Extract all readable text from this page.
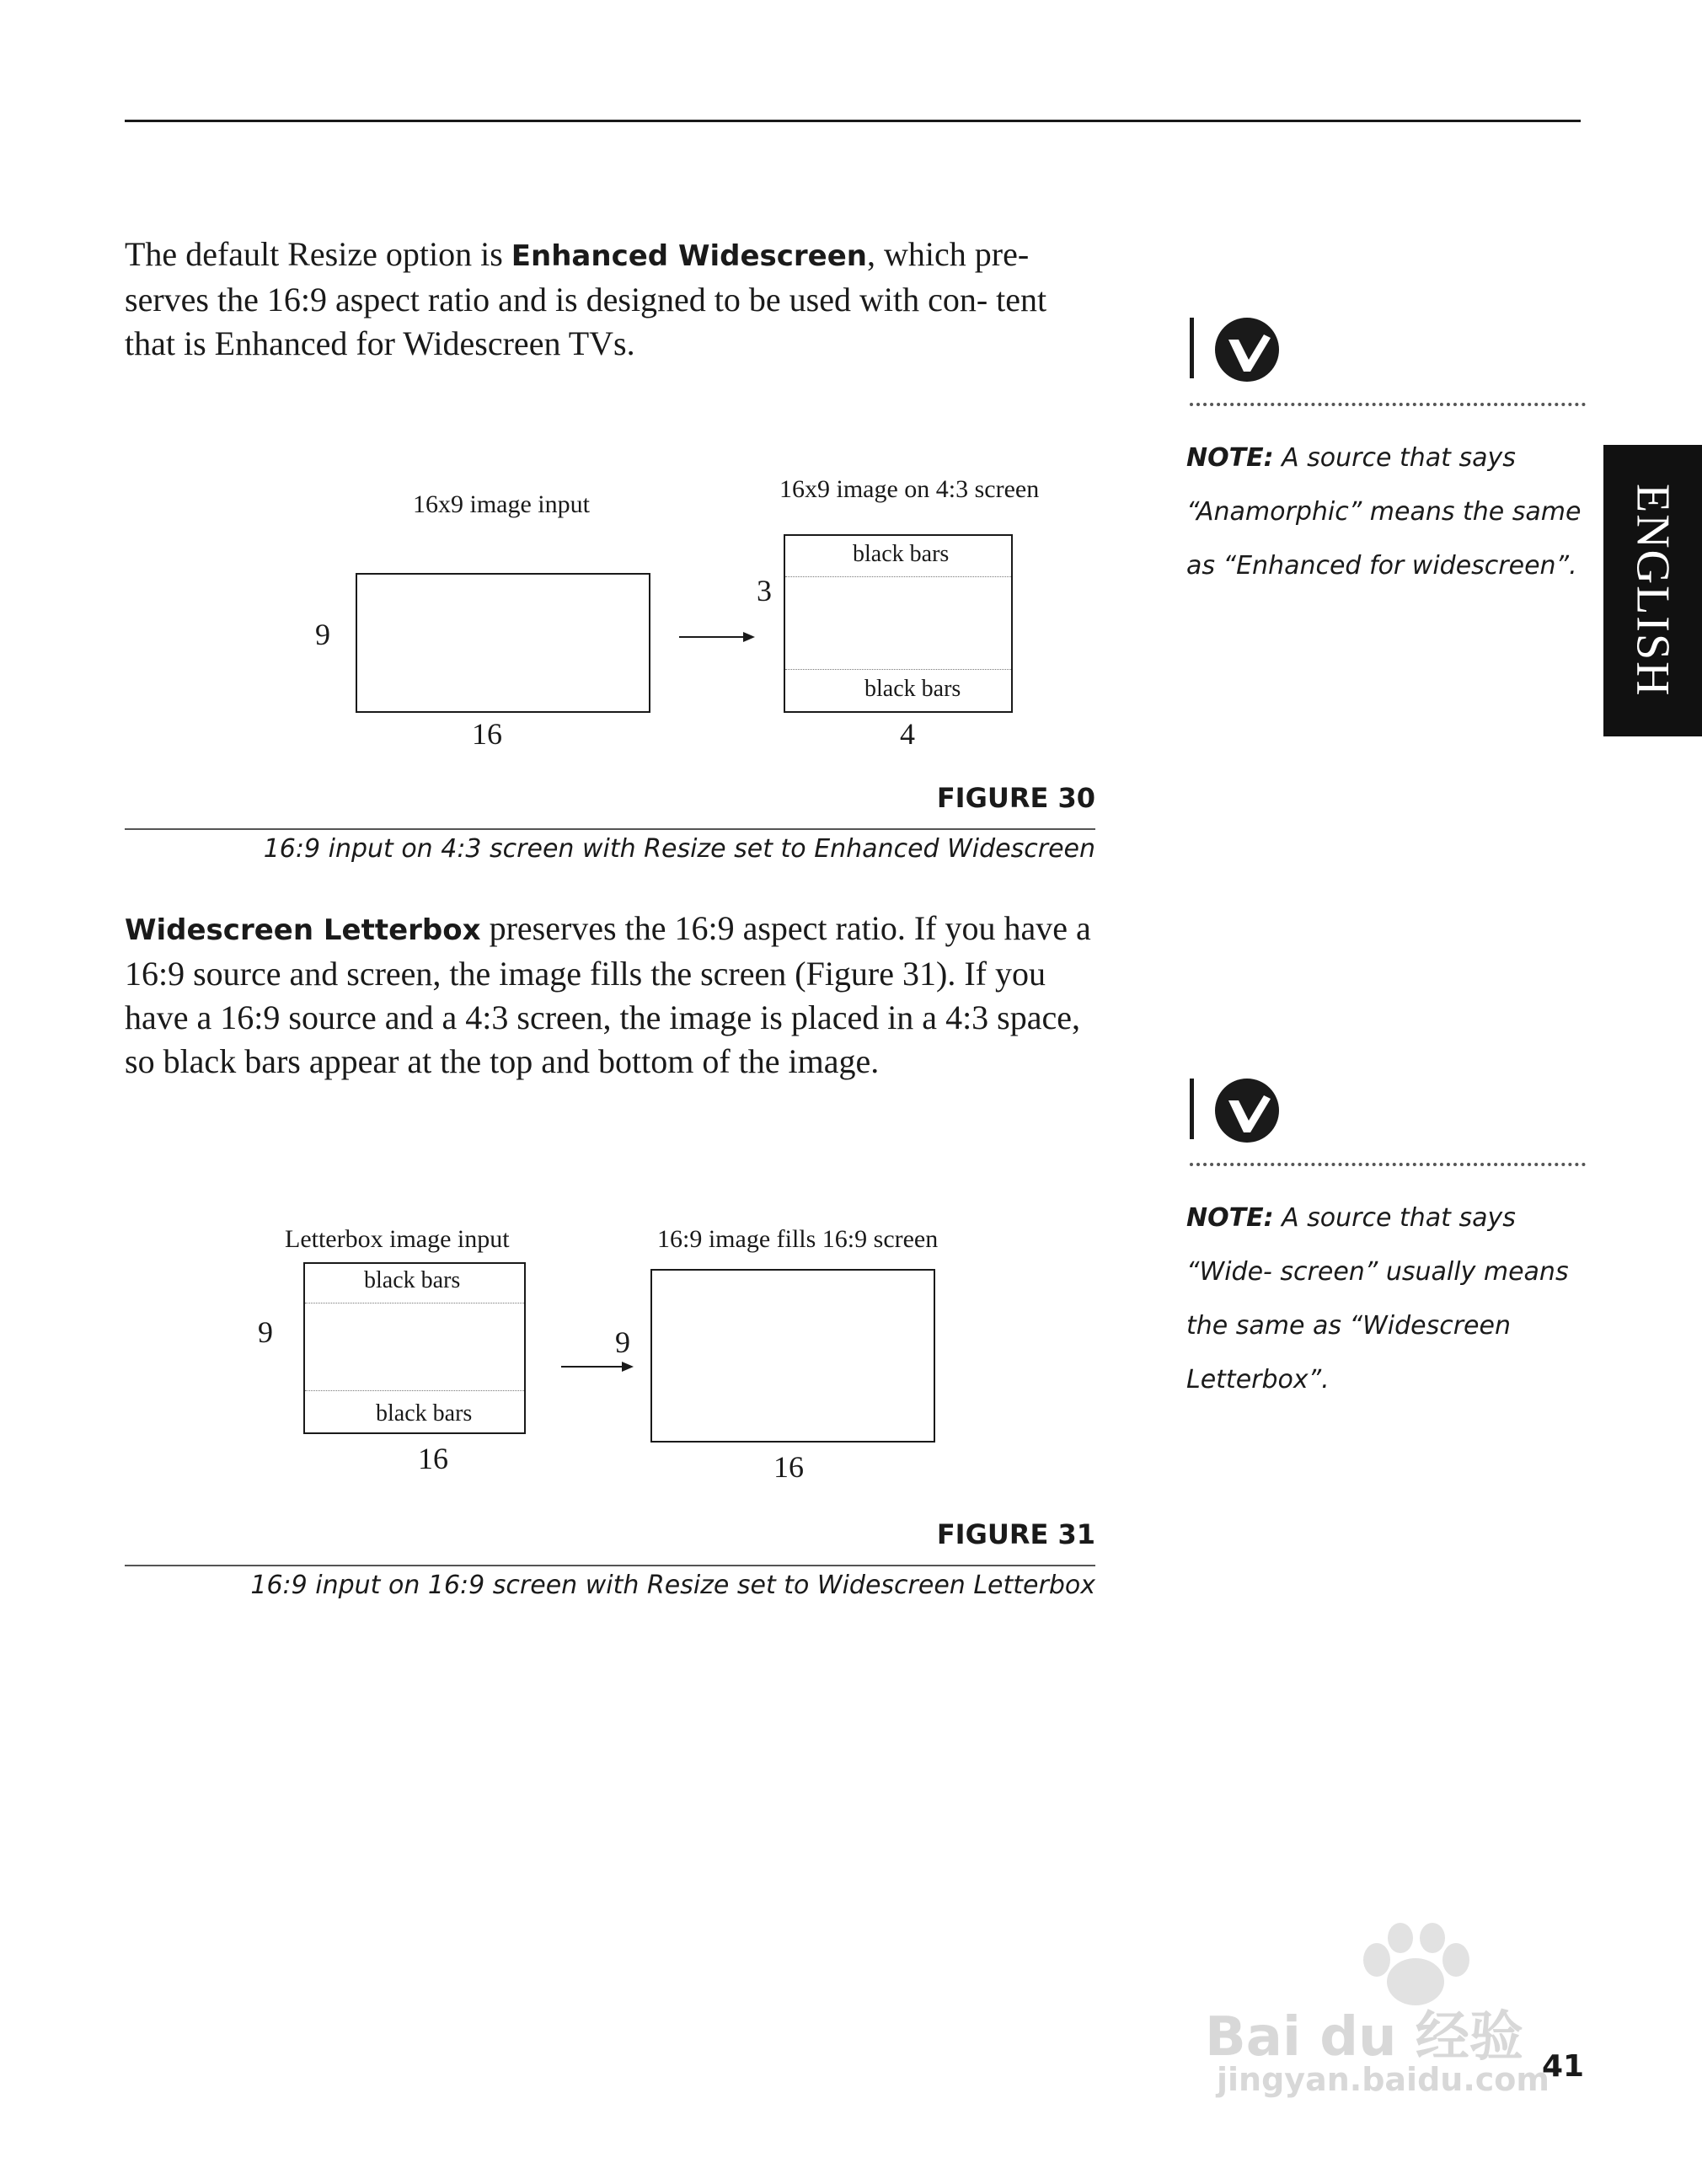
The default Resize option is Enhanced Widescreen, which pre- serves the 16:9 aspect ratio and is designed to be used with con- tent that is Enhanced for Widescreen TVs.
NOTE: A source that says “Anamorphic” means the same as “Enhanced for widescreen”. ENGLISH
16x9 image input
16x9 image on 4:3 screen
9
16
black bars
black bars
3
4
FIGURE 30
16:9 input on 4:3 screen with Resize set to Enhanced Widescreen
Widescreen Letterbox preserves the 16:9 aspect ratio. If you have a 16:9 source and screen, the image fills the screen (Figure 31). If you have a 16:9 source and a 4:3 screen, the image is placed in a 4:3 space, so black bars appear at the top and bottom of the image.
NOTE: A source that says “Wide- screen” usually means the same as “Widescreen Letterbox”.
Letterbox image input	16:9 image fills 16:9 screen
black bars
black bars
9
16
9
16
FIGURE 31
16:9 input on 16:9 screen with Resize set to Widescreen Letterbox
Bai du 经验
jingyan.baidu.com
41
